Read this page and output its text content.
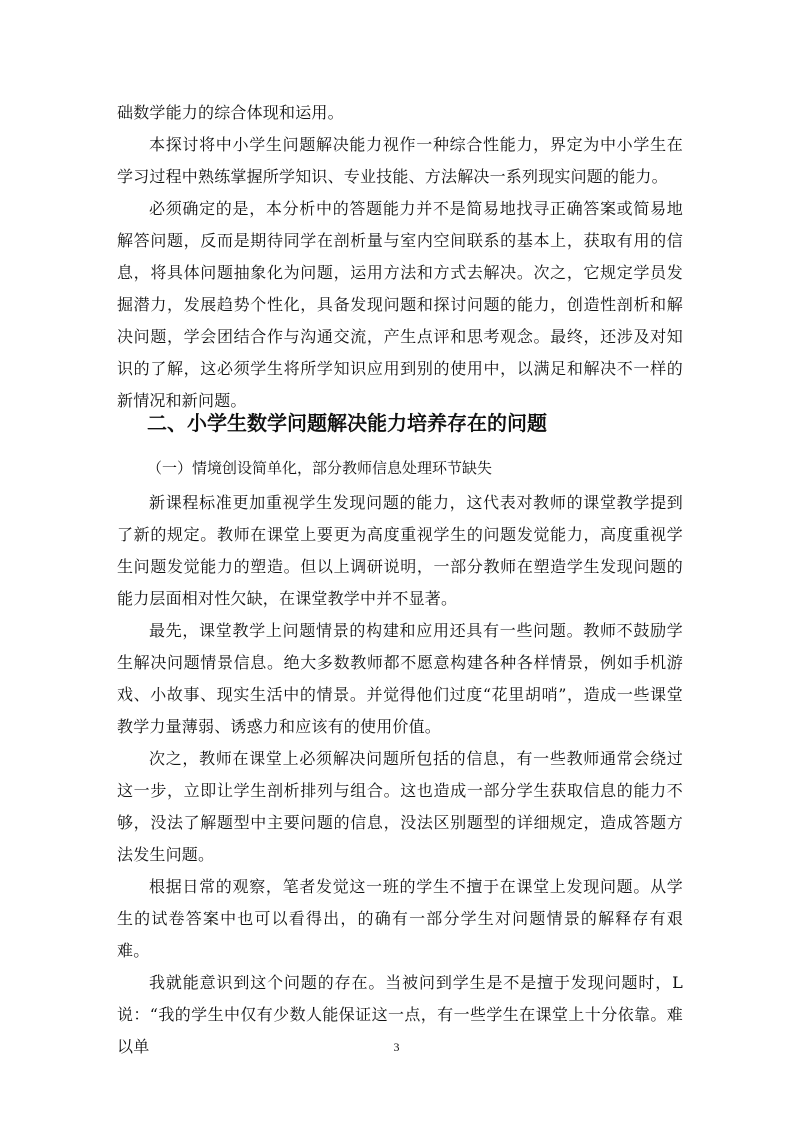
础数学能力的综合体现和运用。

本探讨将中小学生问题解决能力视作一种综合性能力，界定为中小学生在学习过程中熟练掌握所学知识、专业技能、方法解决一系列现实问题的能力。

必须确定的是，本分析中的答题能力并不是简易地找寻正确答案或简易地解答问题，反而是期待同学在剖析量与室内空间联系的基本上，获取有用的信息，将具体问题抽象化为问题，运用方法和方式去解决。次之，它规定学员发掘潜力，发展趋势个性化，具备发现问题和探讨问题的能力，创造性剖析和解决问题，学会团结合作与沟通交流，产生点评和思考观念。最终，还涉及对知识的了解，这必须学生将所学知识应用到别的使用中，以满足和解决不一样的新情况和新问题。

二、小学生数学问题解决能力培养存在的问题
（一）情境创设简单化，部分教师信息处理环节缺失

新课程标准更加重视学生发现问题的能力，这代表对教师的课堂教学提到了新的规定。教师在课堂上要更为高度重视学生的问题发觉能力，高度重视学生问题发觉能力的塑造。但以上调研说明，一部分教师在塑造学生发现问题的能力层面相对性欠缺，在课堂教学中并不显著。

最先，课堂教学上问题情景的构建和应用还具有一些问题。教师不鼓励学生解决问题情景信息。绝大多数教师都不愿意构建各种各样情景，例如手机游戏、小故事、现实生活中的情景。并觉得他们过度“花里胡哨”，造成一些课堂教学力量薄弱、诱惑力和应该有的使用价值。

次之，教师在课堂上必须解决问题所包括的信息，有一些教师通常会绕过这一步，立即让学生剖析排列与组合。这也造成一部分学生获取信息的能力不够，没法了解题型中主要问题的信息，没法区别题型的详细规定，造成答题方法发生问题。

根据日常的观察，笔者发觉这一班的学生不擅于在课堂上发现问题。从学生的试卷答案中也可以看得出，的确有一部分学生对问题情景的解释存有艰难。

我就能意识到这个问题的存在。当被问到学生是不是擅于发现问题时，L 说：“我的学生中仅有少数人能保证这一点，有一些学生在课堂上十分依靠。难以单	3
